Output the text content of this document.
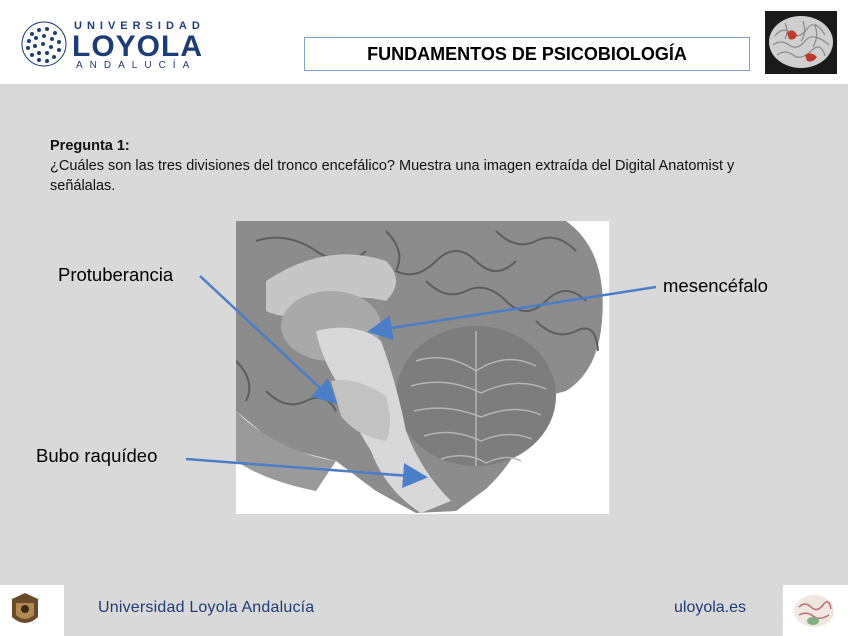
UNIVERSIDAD
LOYOLA
ANDALUCÍA
FUNDAMENTOS DE PSICOBIOLOGÍA
Pregunta 1:
¿Cuáles son las tres divisiones del tronco encefálico? Muestra una imagen extraída del Digital Anatomist y señálalas.
Protuberancia
mesencéfalo
Bubo raquídeo
Universidad Loyola Andalucía	uloyola.es
